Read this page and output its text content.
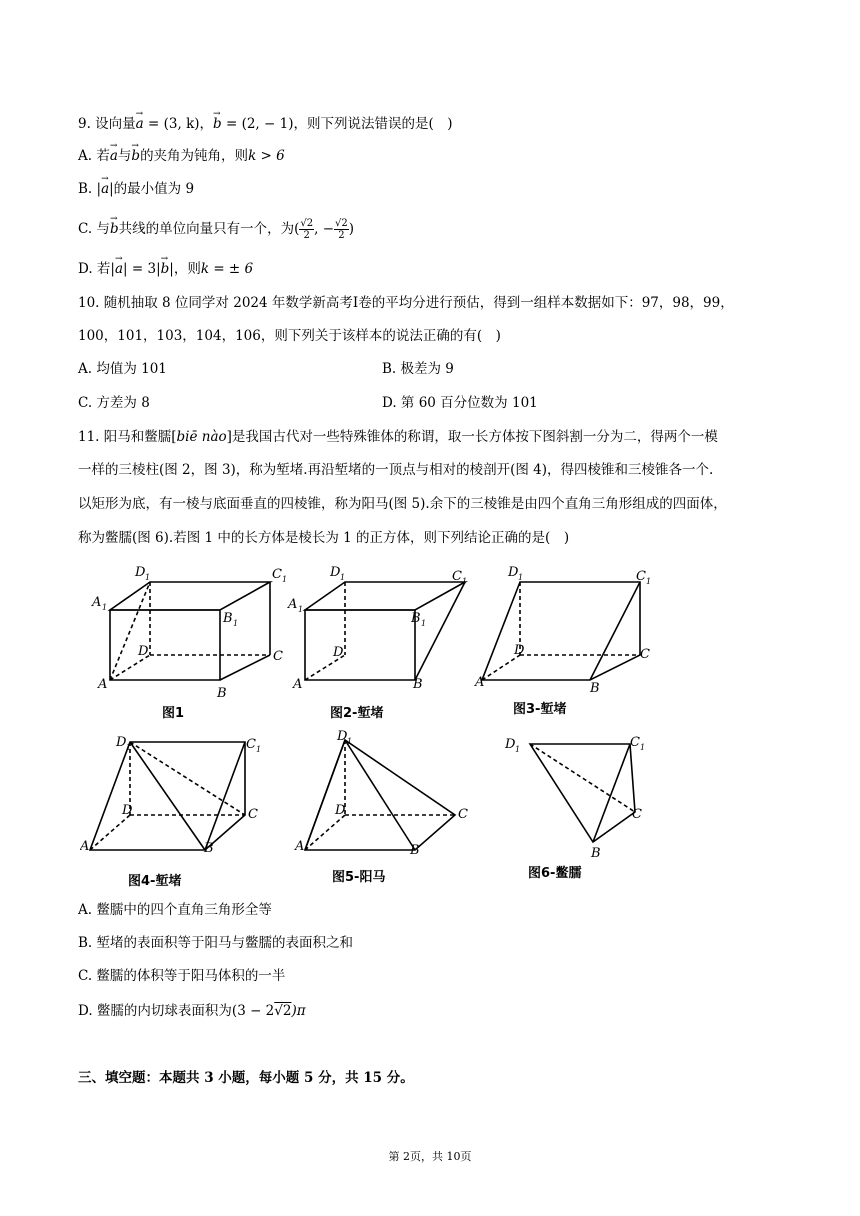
9. 设向量→ a = (3, k)，→ b = (2, − 1)，则下列说法错误的是(　)
A. 若→ a与→ b的夹角为钝角，则k > 6
B. |→ a|的最小值为 9
C. 与→ b共线的单位向量只有一个，为( $\frac{√2}{2}$ , − $\frac{√2}{2}$ )
D. 若|→ a| = 3|→ b|，则k = ± 6
10. 随机抽取 8 位同学对 2024 年数学新高考Ⅰ卷的平均分进行预估，得到一组样本数据如下：97，98，99，
100，101，103，104，106，则下列关于该样本的说法正确的有(　)
A. 均值为 101	B. 极差为 9
C. 方差为 8	D. 第 60 百分位数为 101
11. 阳马和鳖臑[biē nào]是我国古代对一些特殊锥体的称谓，取一长方体按下图斜割一分为二，得两个一模
一样的三棱柱(图 2，图 3)，称为堑堵.再沿堑堵的一顶点与相对的棱剖开(图 4)，得四棱锥和三棱锥各一个.
以矩形为底，有一棱与底面垂直的四棱锥，称为阳马(图 5).余下的三棱锥是由四个直角三角形组成的四面体，
称为鳖臑(图 6).若图 1 中的长方体是棱长为 1 的正方体，则下列结论正确的是(　)
D 1	C 1
A 1
B 1
D	C
A
B
D 1	C 1
A 1
B 1
D
A	B
D 1	C 1
D	C
A	B
D 1	C 1
D	C
A	B
D 1
D	C
A	B
D 1	C 1
C
B
图1	图2-堑堵	图3-堑堵
图4-堑堵	图5-阳马	图6-鳖臑
A. 鳖臑中的四个直角三角形全等
B. 堑堵的表面积等于阳马与鳖臑的表面积之和
C. 鳖臑的体积等于阳马体积的一半
D. 鳖臑的内切球表面积为(3 − 2√2)π
三、填空题：本题共 3 小题，每小题 5 分，共 15 分。
第 2页，共 10页
